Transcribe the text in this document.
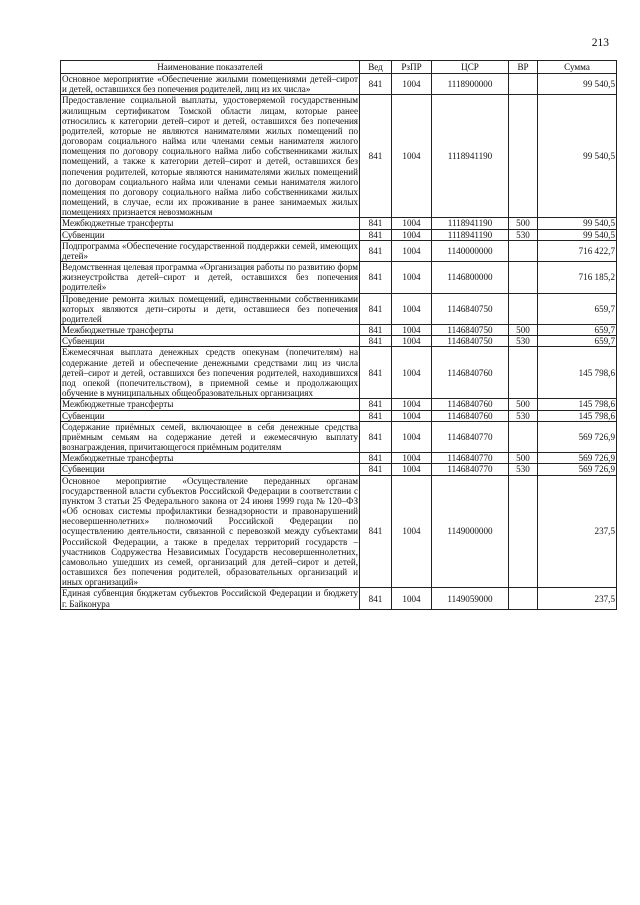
213
Наименование показателей	Вед	РзПР	ЦСР	ВР	Сумма
Основное мероприятие «Обеспечение жилыми помещениями детей–сирот и детей, оставшихся без попечения родителей, лиц из их числа»	841	1004	1118900000		99 540,5
Предоставление социальной выплаты, удостоверяемой государственным жилищным сертификатом Томской области лицам, которые ранее относились к категории детей–сирот и детей, оставшихся без попечения родителей, которые не являются нанимателями жилых помещений по договорам социального найма или членами семьи нанимателя жилого помещения по договору социального найма либо собственниками жилых помещений, а также к категории детей–сирот и детей, оставшихся без попечения родителей, которые являются нанимателями жилых помещений по договорам социального найма или членами семьи нанимателя жилого помещения по договору социального найма либо собственниками жилых помещений, в случае, если их проживание в ранее занимаемых жилых помещениях признается невозможным	841	1004	1118941190		99 540,5
Межбюджетные трансферты	841	1004	1118941190	500	99 540,5
Субвенции	841	1004	1118941190	530	99 540,5
Подпрограмма «Обеспечение государственной поддержки семей, имеющих детей»	841	1004	1140000000		716 422,7
Ведомственная целевая программа «Организация работы по развитию форм жизнеустройства детей–сирот и детей, оставшихся без попечения родителей»	841	1004	1146800000		716 185,2
Проведение ремонта жилых помещений, единственными собственниками которых являются дети–сироты и дети, оставшиеся без попечения родителей	841	1004	1146840750		659,7
Межбюджетные трансферты	841	1004	1146840750	500	659,7
Субвенции	841	1004	1146840750	530	659,7
Ежемесячная выплата денежных средств опекунам (попечителям) на содержание детей и обеспечение денежными средствами лиц из числа детей–сирот и детей, оставшихся без попечения родителей, находившихся под опекой (попечительством), в приемной семье и продолжающих обучение в муниципальных общеобразовательных организациях	841	1004	1146840760		145 798,6
Межбюджетные трансферты	841	1004	1146840760	500	145 798,6
Субвенции	841	1004	1146840760	530	145 798,6
Содержание приёмных семей, включающее в себя денежные средства приёмным семьям на содержание детей и ежемесячную выплату вознаграждения, причитающегося приёмным родителям	841	1004	1146840770		569 726,9
Межбюджетные трансферты	841	1004	1146840770	500	569 726,9
Субвенции	841	1004	1146840770	530	569 726,9
Основное мероприятие «Осуществление переданных органам государственной власти субъектов Российской Федерации в соответствии с пунктом 3 статьи 25 Федерального закона от 24 июня 1999 года № 120–ФЗ «Об основах системы профилактики безнадзорности и правонарушений несовершеннолетних» полномочий Российской Федерации по осуществлению деятельности, связанной с перевозкой между субъектами Российской Федерации, а также в пределах территорий государств – участников Содружества Независимых Государств несовершеннолетних, самовольно ушедших из семей, организаций для детей–сирот и детей, оставшихся без попечения родителей, образовательных организаций и иных организаций»	841	1004	1149000000		237,5
Единая субвенция бюджетам субъектов Российской Федерации и бюджету г. Байконура	841	1004	1149059000		237,5
